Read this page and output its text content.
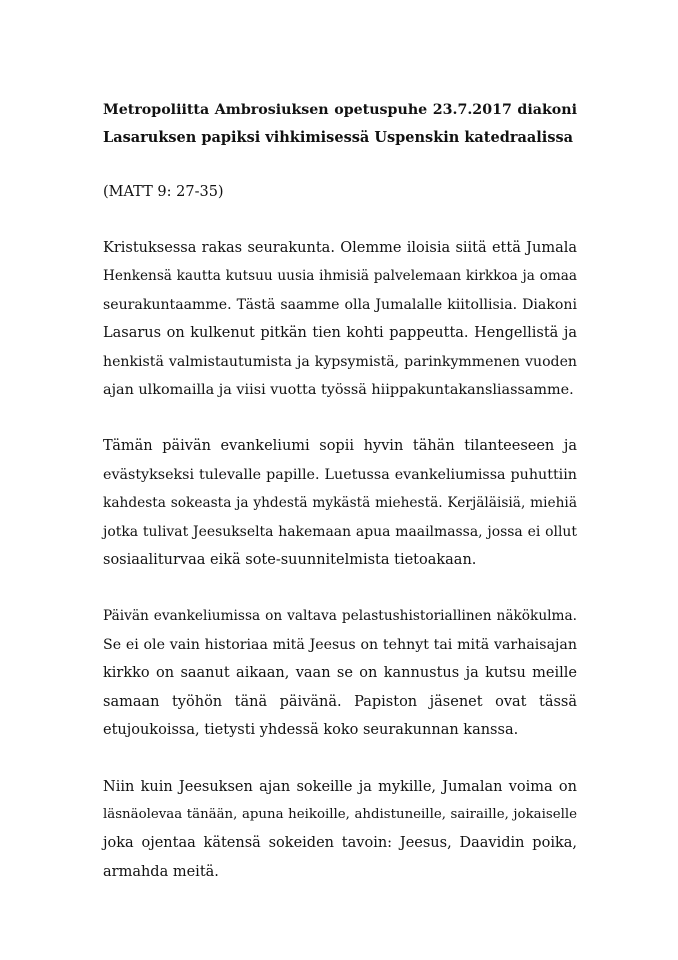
Metropoliitta Ambrosiuksen opetuspuhe 23.7.2017 diakoni
Lasaruksen papiksi vihkimisessä Uspenskin katedraalissa

(MATT 9: 27-35)

Kristuksessa rakas seurakunta. Olemme iloisia siitä että Jumala
Henkensä kautta kutsuu uusia ihmisiä palvelemaan kirkkoa ja omaa
seurakuntaamme. Tästä saamme olla Jumalalle kiitollisia. Diakoni
Lasarus on kulkenut pitkän tien kohti pappeutta. Hengellistä ja
henkistä valmistautumista ja kypsymistä, parinkymmenen vuoden
ajan ulkomailla ja viisi vuotta työssä hiippakuntakansliassamme.

Tämän päivän evankeliumi sopii hyvin tähän tilanteeseen ja
evästykseksi tulevalle papille. Luetussa evankeliumissa puhuttiin
kahdesta sokeasta ja yhdestä mykästä miehestä. Kerjäläisiä, miehiä
jotka tulivat Jeesukselta hakemaan apua maailmassa, jossa ei ollut
sosiaaliturvaa eikä sote-suunnitelmista tietoakaan.

Päivän evankeliumissa on valtava pelastushistoriallinen näkökulma.
Se ei ole vain historiaa mitä Jeesus on tehnyt tai mitä varhaisajan
kirkko on saanut aikaan, vaan se on kannustus ja kutsu meille
samaan työhön tänä päivänä. Papiston jäsenet ovat tässä
etujoukoissa, tietysti yhdessä koko seurakunnan kanssa.

Niin kuin Jeesuksen ajan sokeille ja mykille, Jumalan voima on
läsnäolevaa tänään, apuna heikoille, ahdistuneille, sairaille, jokaiselle
joka ojentaa kätensä sokeiden tavoin: Jeesus, Daavidin poika,
armahda meitä.
